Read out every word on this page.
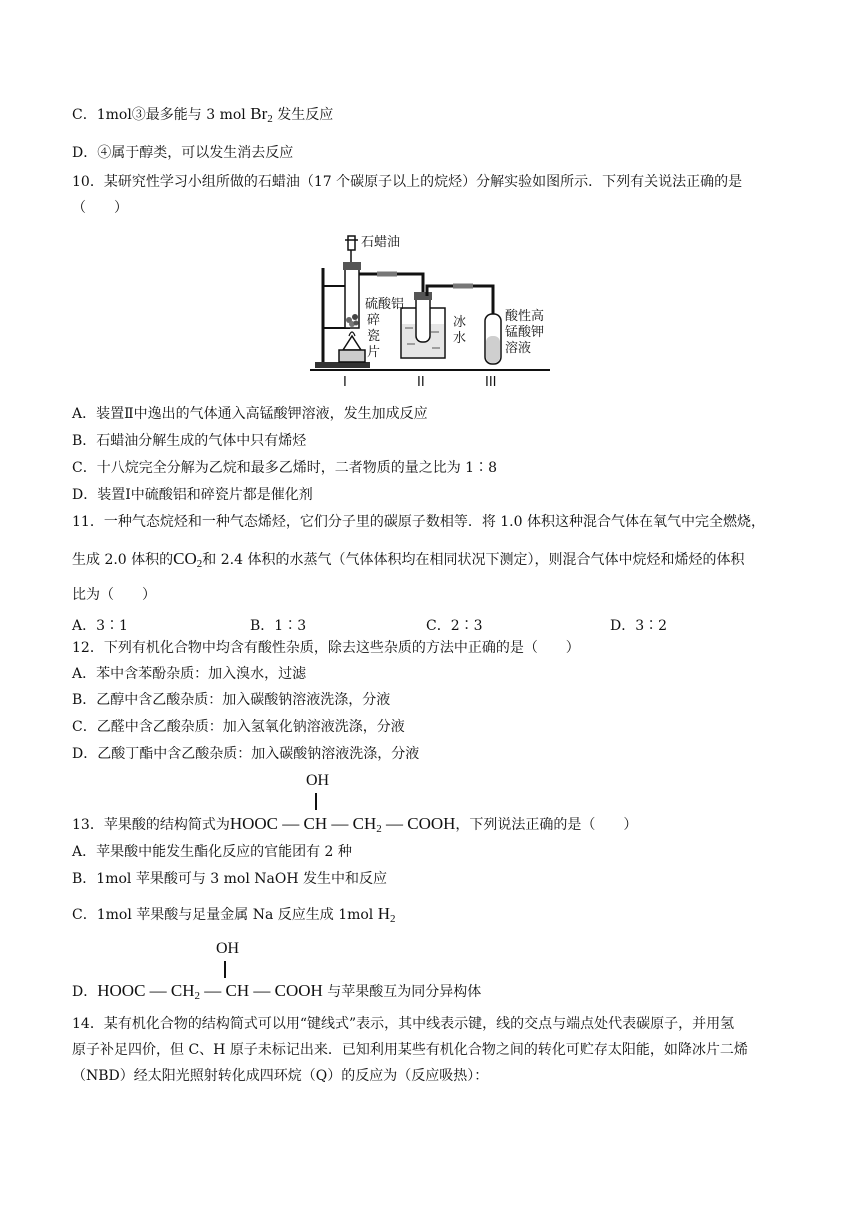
C．1mol③最多能与 3 mol $Br_2$ 发生反应
D．④属于醇类，可以发生消去反应
10．某研究性学习小组所做的石蜡油（17 个碳原子以上的烷烃）分解实验如图所示．下列有关说法正确的是
（　　）
石蜡油
硫酸铝
碎
瓷
片
冰
水
酸性高
锰酸钾
溶液
I	II	III
A．装置Ⅱ中逸出的气体通入高锰酸钾溶液，发生加成反应
B．石蜡油分解生成的气体中只有烯烃
C．十八烷完全分解为乙烷和最多乙烯时，二者物质的量之比为 1∶8
D．装置Ⅰ中硫酸铝和碎瓷片都是催化剂
11．一种气态烷烃和一种气态烯烃，它们分子里的碳原子数相等．将 1.0 体积这种混合气体在氧气中完全燃烧，
生成 2.0 体积的$CO_2$和 2.4 体积的水蒸气（气体体积均在相同状况下测定），则混合气体中烷烃和烯烃的体积
比为（　　）
A．3∶1	B．1∶3	C．2∶3	D．3∶2
12．下列有机化合物中均含有酸性杂质，除去这些杂质的方法中正确的是（　　）
A．苯中含苯酚杂质：加入溴水，过滤
B．乙醇中含乙酸杂质：加入碳酸钠溶液洗涤，分液
C．乙醛中含乙酸杂质：加入氢氧化钠溶液洗涤，分液
D．乙酸丁酯中含乙酸杂质：加入碳酸钠溶液洗涤，分液
OH
13．苹果酸的结构简式为HOOC — CH — $CH_2$ — COOH，下列说法正确的是（　　）
A．苹果酸中能发生酯化反应的官能团有 2 种
B．1mol 苹果酸可与 3 mol NaOH 发生中和反应
C．1mol 苹果酸与足量金属 Na 反应生成 1mol $H_2$
OH
D．HOOC — $CH_2$ — CH — COOH 与苹果酸互为同分异构体
14．某有机化合物的结构简式可以用“键线式”表示，其中线表示键，线的交点与端点处代表碳原子，并用氢
原子补足四价，但 C、H 原子未标记出来．已知利用某些有机化合物之间的转化可贮存太阳能，如降冰片二烯
（NBD）经太阳光照射转化成四环烷（Q）的反应为（反应吸热）：
